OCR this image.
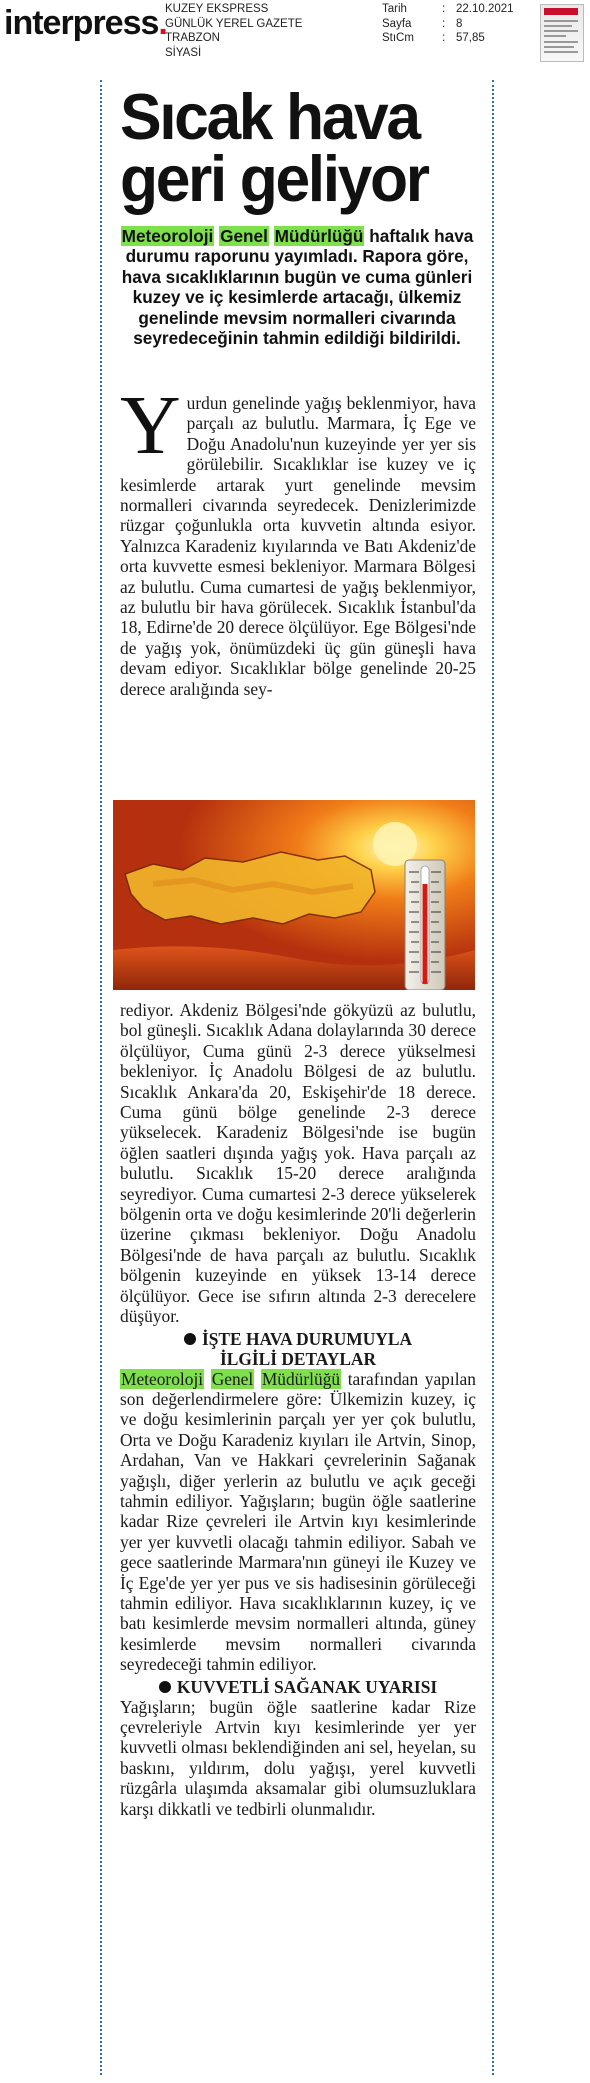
interpress.
KUZEY EKSPRESS
GÜNLÜK YEREL GAZETE
TRABZON
SİYASİ
Tarih	: 22.10.2021
Sayfa	: 8
StıCm	: 57,85
Sıcak hava
geri geliyor
Meteoroloji Genel Müdürlüğü haftalık hava durumu raporunu yayımladı. Rapora göre, hava sıcaklıklarının bugün ve cuma günleri kuzey ve iç kesimlerde artacağı, ülkemiz genelinde mevsim normalleri civarında seyredeceğinin tahmin edildiği bildirildi.
Y urdun genelinde yağış beklenmiyor, hava parçalı az bulutlu. Marmara, İç Ege ve Doğu Anadolu'nun kuzeyinde yer yer sis görülebilir. Sıcaklıklar ise kuzey ve iç kesimlerde artarak yurt genelinde mevsim normalleri civarında seyredecek. Denizlerimizde rüzgar çoğunlukla orta kuvvetin altında esiyor. Yalnızca Karadeniz kıyılarında ve Batı Akdeniz'de orta kuvvette esmesi bekleniyor. Marmara Bölgesi az bulutlu. Cuma cumartesi de yağış beklenmiyor, az bulutlu bir hava görülecek. Sıcaklık İstanbul'da 18, Edirne'de 20 derece ölçülüyor. Ege Bölgesi'nde de yağış yok, önümüzdeki üç gün güneşli hava devam ediyor. Sıcaklıklar bölge genelinde 20-25 derece aralığında sey-

rediyor. Akdeniz Bölgesi'nde gökyüzü az bulutlu, bol güneşli. Sıcaklık Adana dolaylarında 30 derece ölçülüyor, Cuma günü 2-3 derece yükselmesi bekleniyor. İç Anadolu Bölgesi de az bulutlu. Sıcaklık Ankara'da 20, Eskişehir'de 18 derece. Cuma günü bölge genelinde 2-3 derece yükselecek. Karadeniz Bölgesi'nde ise bugün öğlen saatleri dışında yağış yok. Hava parçalı az bulutlu. Sıcaklık 15-20 derece aralığında seyrediyor. Cuma cumartesi 2-3 derece yükselerek bölgenin orta ve doğu kesimlerinde 20'li değerlerin üzerine çıkması bekleniyor. Doğu Anadolu Bölgesi'nde de hava parçalı az bulutlu. Sıcaklık bölgenin kuzeyinde en yüksek 13-14 derece ölçülüyor. Gece ise sıfırın altında 2-3 derecelere düşüyor.

İŞTE HAVA DURUMUYLA
İLGİLİ DETAYLAR

Meteoroloji Genel Müdürlüğü tarafından yapılan son değerlendirmelere göre: Ülkemizin kuzey, iç ve doğu kesimlerinin parçalı yer yer çok bulutlu, Orta ve Doğu Karadeniz kıyıları ile Artvin, Sinop, Ardahan, Van ve Hakkari çevrelerinin Sağanak yağışlı, diğer yerlerin az bulutlu ve açık geceği tahmin ediliyor. Yağışların; bugün öğle saatlerine kadar Rize çevreleri ile Artvin kıyı kesimlerinde yer yer kuvvetli olacağı tahmin ediliyor. Sabah ve gece saatlerinde Marmara'nın güneyi ile Kuzey ve İç Ege'de yer yer pus ve sis hadisesinin görüleceği tahmin ediliyor. Hava sıcaklıklarının kuzey, iç ve batı kesimlerde mevsim normalleri altında, güney kesimlerde mevsim normalleri civarında seyredeceği tahmin ediliyor.

KUVVETLİ SAĞANAK UYARISI

Yağışların; bugün öğle saatlerine kadar Rize çevreleriyle Artvin kıyı kesimlerinde yer yer kuvvetli olması beklendiğinden ani sel, heyelan, su baskını, yıldırım, dolu yağışı, yerel kuvvetli rüzgârla ulaşımda aksamalar gibi olumsuzluklara karşı dikkatli ve tedbirli olunmalıdır.
